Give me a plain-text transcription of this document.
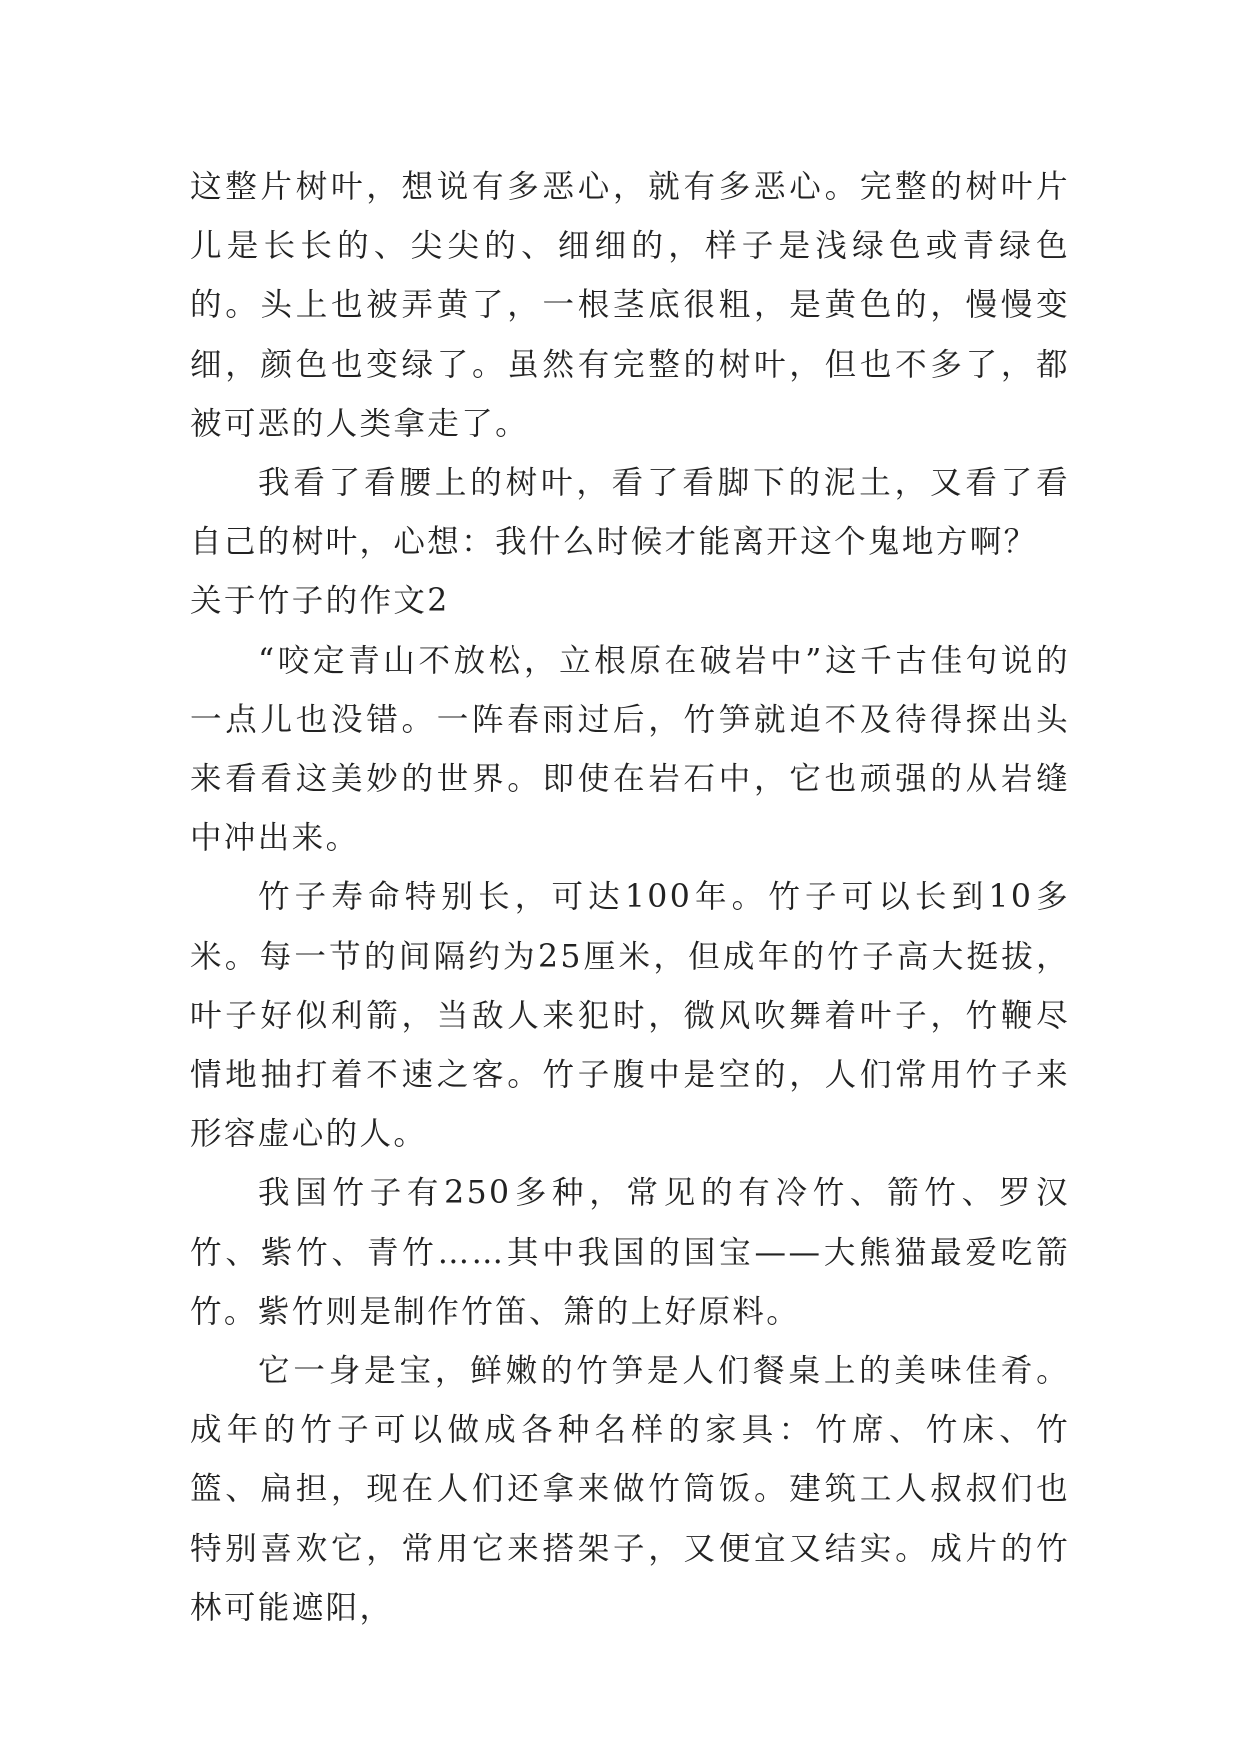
这整片树叶，想说有多恶心，就有多恶心。完整的树叶片儿是长长的、尖尖的、细细的，样子是浅绿色或青绿色的。头上也被弄黄了，一根茎底很粗，是黄色的，慢慢变细，颜色也变绿了。虽然有完整的树叶，但也不多了，都被可恶的人类拿走了。

我看了看腰上的树叶，看了看脚下的泥土，又看了看自己的树叶，心想：我什么时候才能离开这个鬼地方啊？

关于竹子的作文2

“咬定青山不放松，立根原在破岩中”这千古佳句说的一点儿也没错。一阵春雨过后，竹笋就迫不及待得探出头来看看这美妙的世界。即使在岩石中，它也顽强的从岩缝中冲出来。

竹子寿命特别长，可达100年。竹子可以长到10多米。每一节的间隔约为25厘米，但成年的竹子高大挺拔，叶子好似利箭，当敌人来犯时，微风吹舞着叶子，竹鞭尽情地抽打着不速之客。竹子腹中是空的，人们常用竹子来形容虚心的人。

我国竹子有250多种，常见的有冷竹、箭竹、罗汉竹、紫竹、青竹……其中我国的国宝——大熊猫最爱吃箭竹。紫竹则是制作竹笛、箫的上好原料。

它一身是宝，鲜嫩的竹笋是人们餐桌上的美味佳肴。成年的竹子可以做成各种名样的家具：竹席、竹床、竹篮、扁担，现在人们还拿来做竹筒饭。建筑工人叔叔们也特别喜欢它，常用它来搭架子，又便宜又结实。成片的竹林可能遮阳，
